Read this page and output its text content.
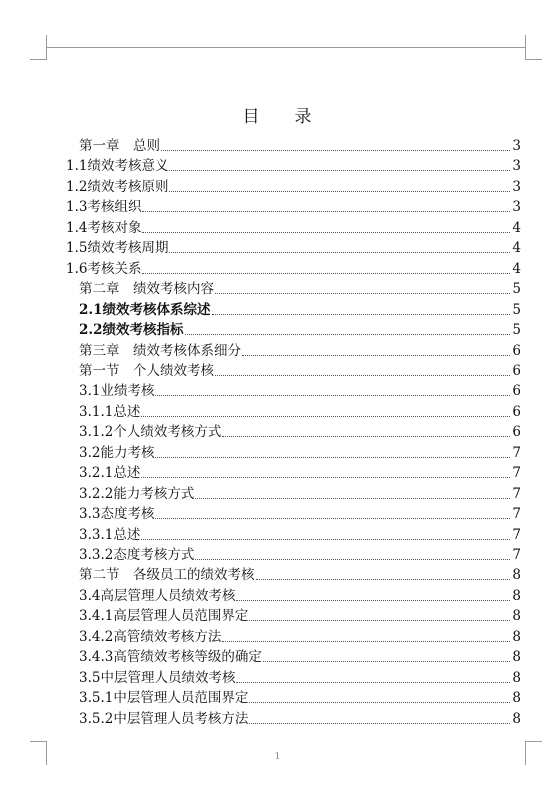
目 录
第一章　总则	3
1.1绩效考核意义	3
1.2绩效考核原则	3
1.3考核组织	3
1.4考核对象	4
1.5绩效考核周期	4
1.6考核关系	4
第二章　绩效考核内容	5
2.1绩效考核体系综述	5
2.2绩效考核指标	5
第三章　绩效考核体系细分	6
第一节　个人绩效考核	6
3.1业绩考核	6
3.1.1总述	6
3.1.2个人绩效考核方式	6
3.2能力考核	7
3.2.1总述	7
3.2.2能力考核方式	7
3.3态度考核	7
3.3.1总述	7
3.3.2态度考核方式	7
第二节　各级员工的绩效考核	8
3.4高层管理人员绩效考核	8
3.4.1高层管理人员范围界定	8
3.4.2高管绩效考核方法	8
3.4.3高管绩效考核等级的确定	8
3.5中层管理人员绩效考核	8
3.5.1中层管理人员范围界定	8
3.5.2中层管理人员考核方法	8
1
